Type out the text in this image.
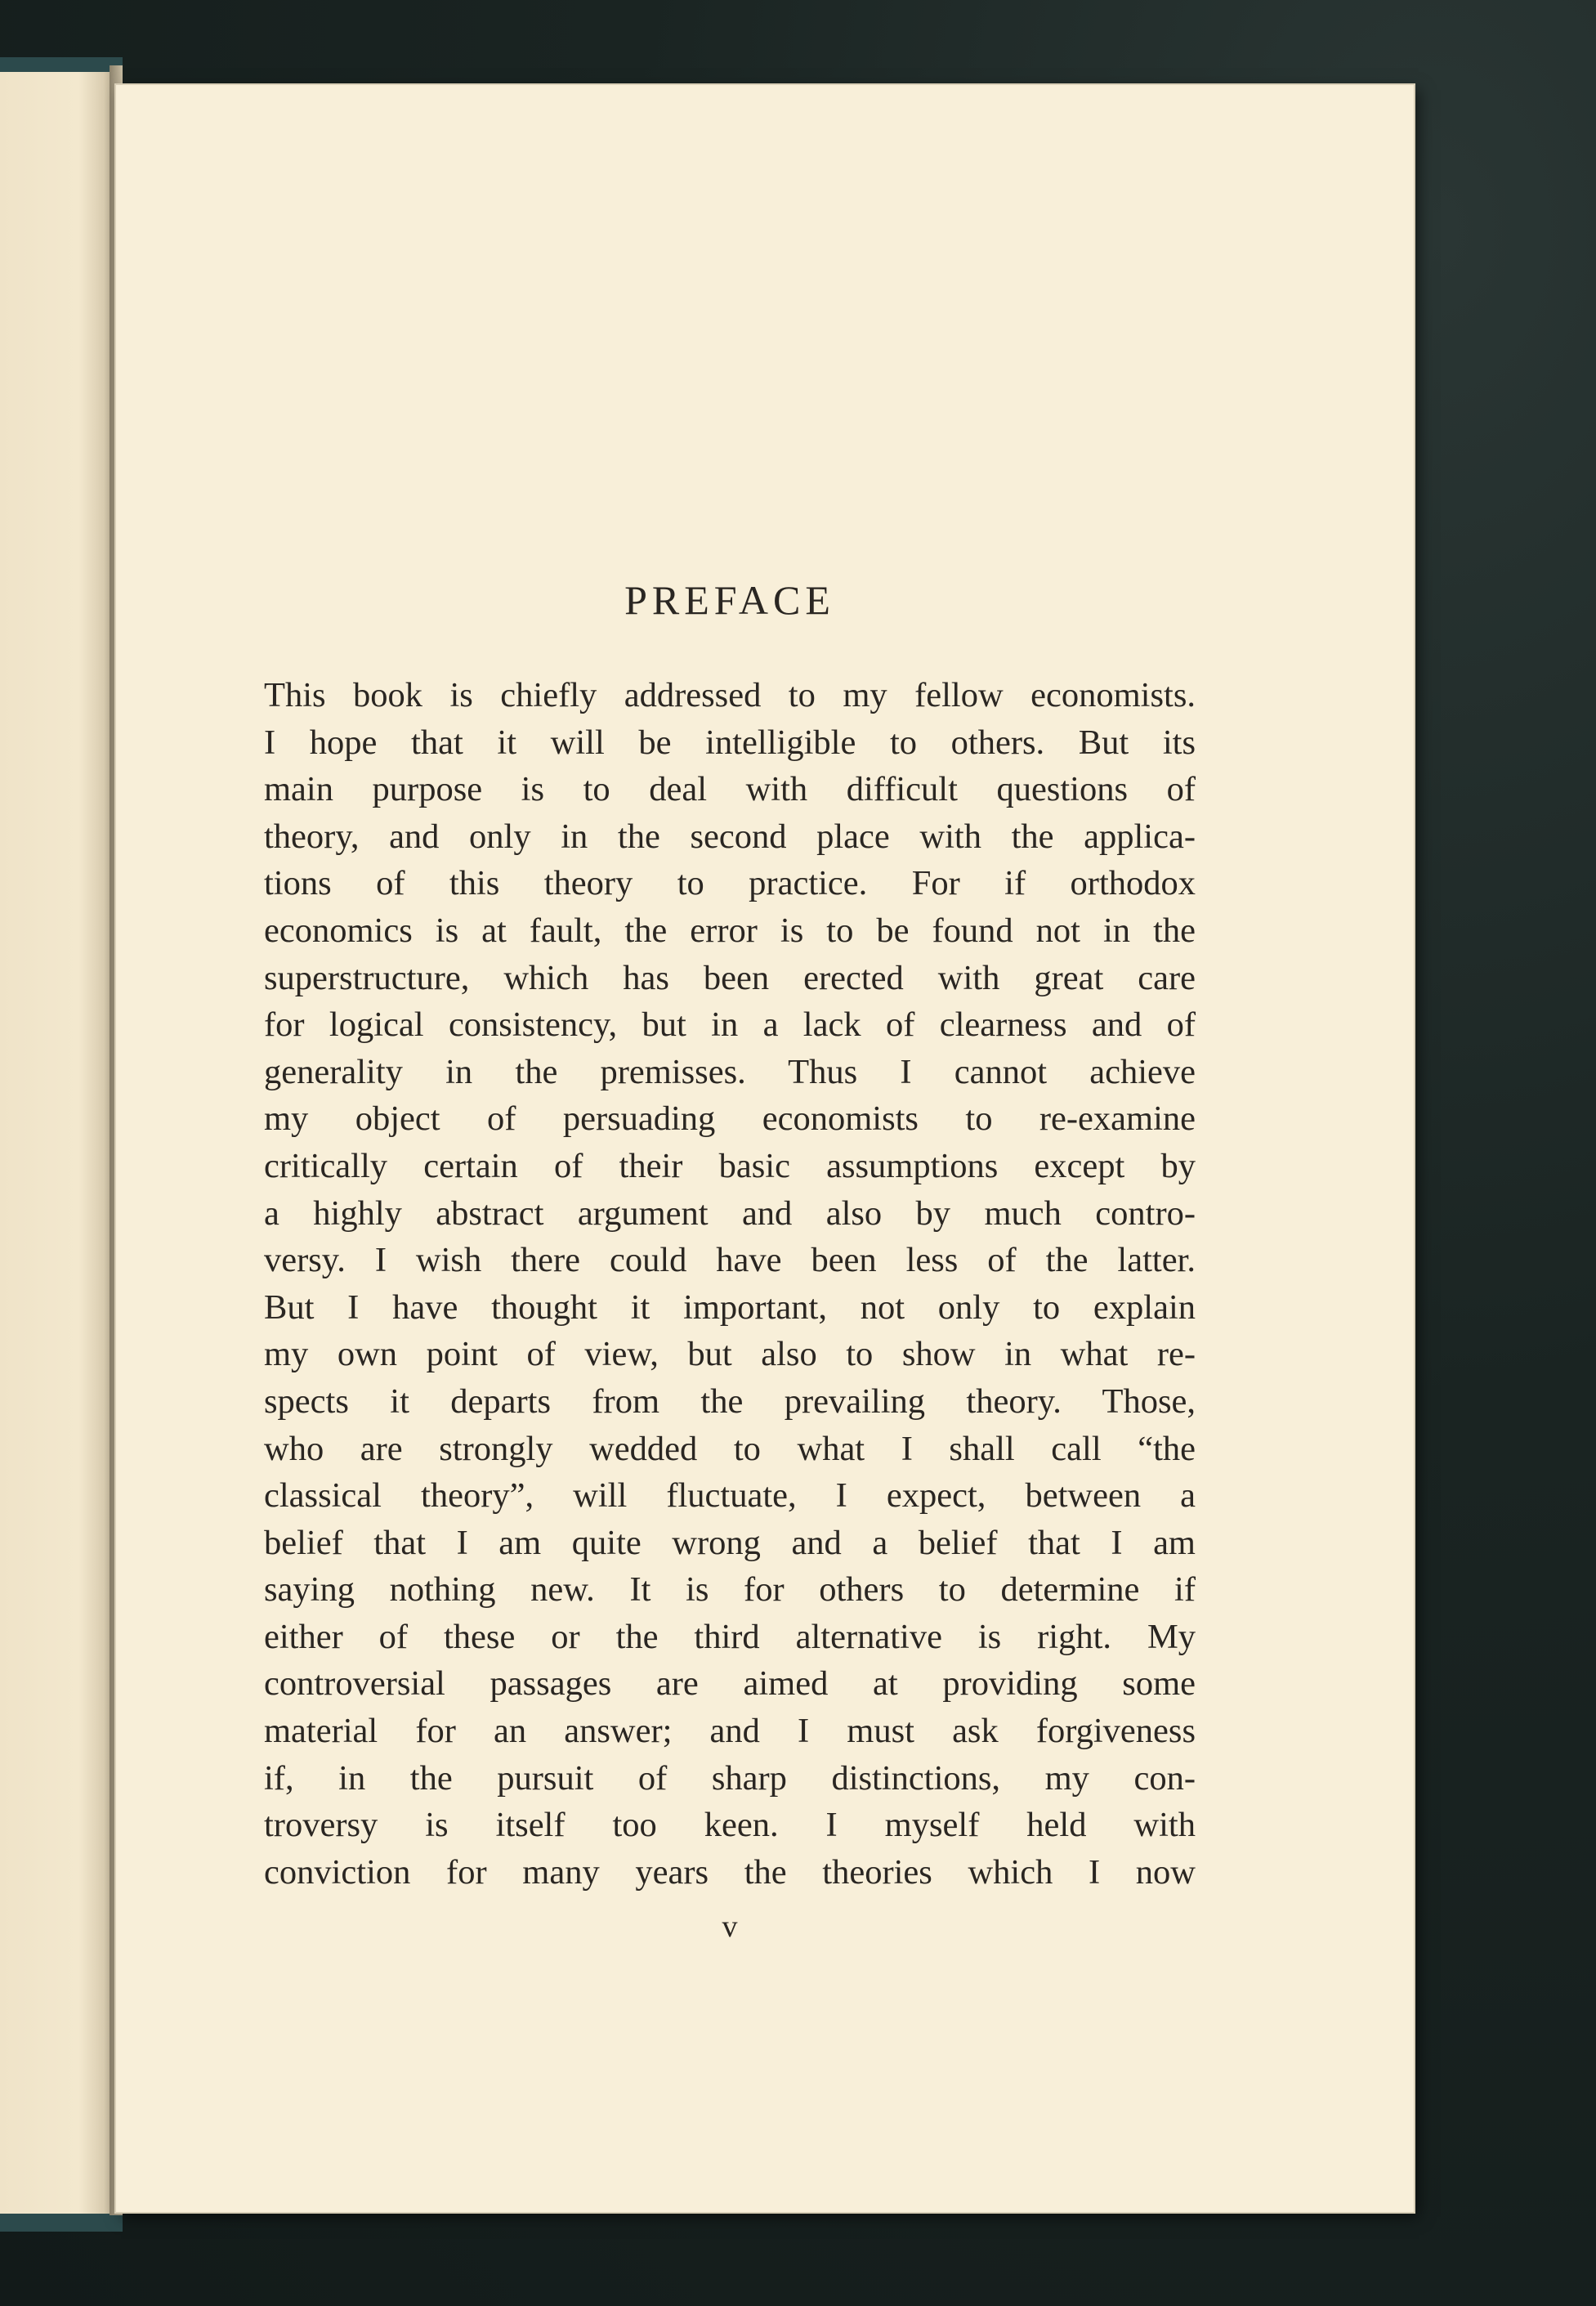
PREFACE
This book is chiefly addressed to my fellow economists.
I hope that it will be intelligible to others. But its
main purpose is to deal with difficult questions of
theory, and only in the second place with the applica-
tions of this theory to practice. For if orthodox
economics is at fault, the error is to be found not in the
superstructure, which has been erected with great care
for logical consistency, but in a lack of clearness and of
generality in the premisses. Thus I cannot achieve
my object of persuading economists to re-examine
critically certain of their basic assumptions except by
a highly abstract argument and also by much contro-
versy. I wish there could have been less of the latter.
But I have thought it important, not only to explain
my own point of view, but also to show in what re-
spects it departs from the prevailing theory. Those,
who are strongly wedded to what I shall call “the
classical theory”, will fluctuate, I expect, between a
belief that I am quite wrong and a belief that I am
saying nothing new. It is for others to determine if
either of these or the third alternative is right. My
controversial passages are aimed at providing some
material for an answer; and I must ask forgiveness
if, in the pursuit of sharp distinctions, my con-
troversy is itself too keen. I myself held with
conviction for many years the theories which I now
v
